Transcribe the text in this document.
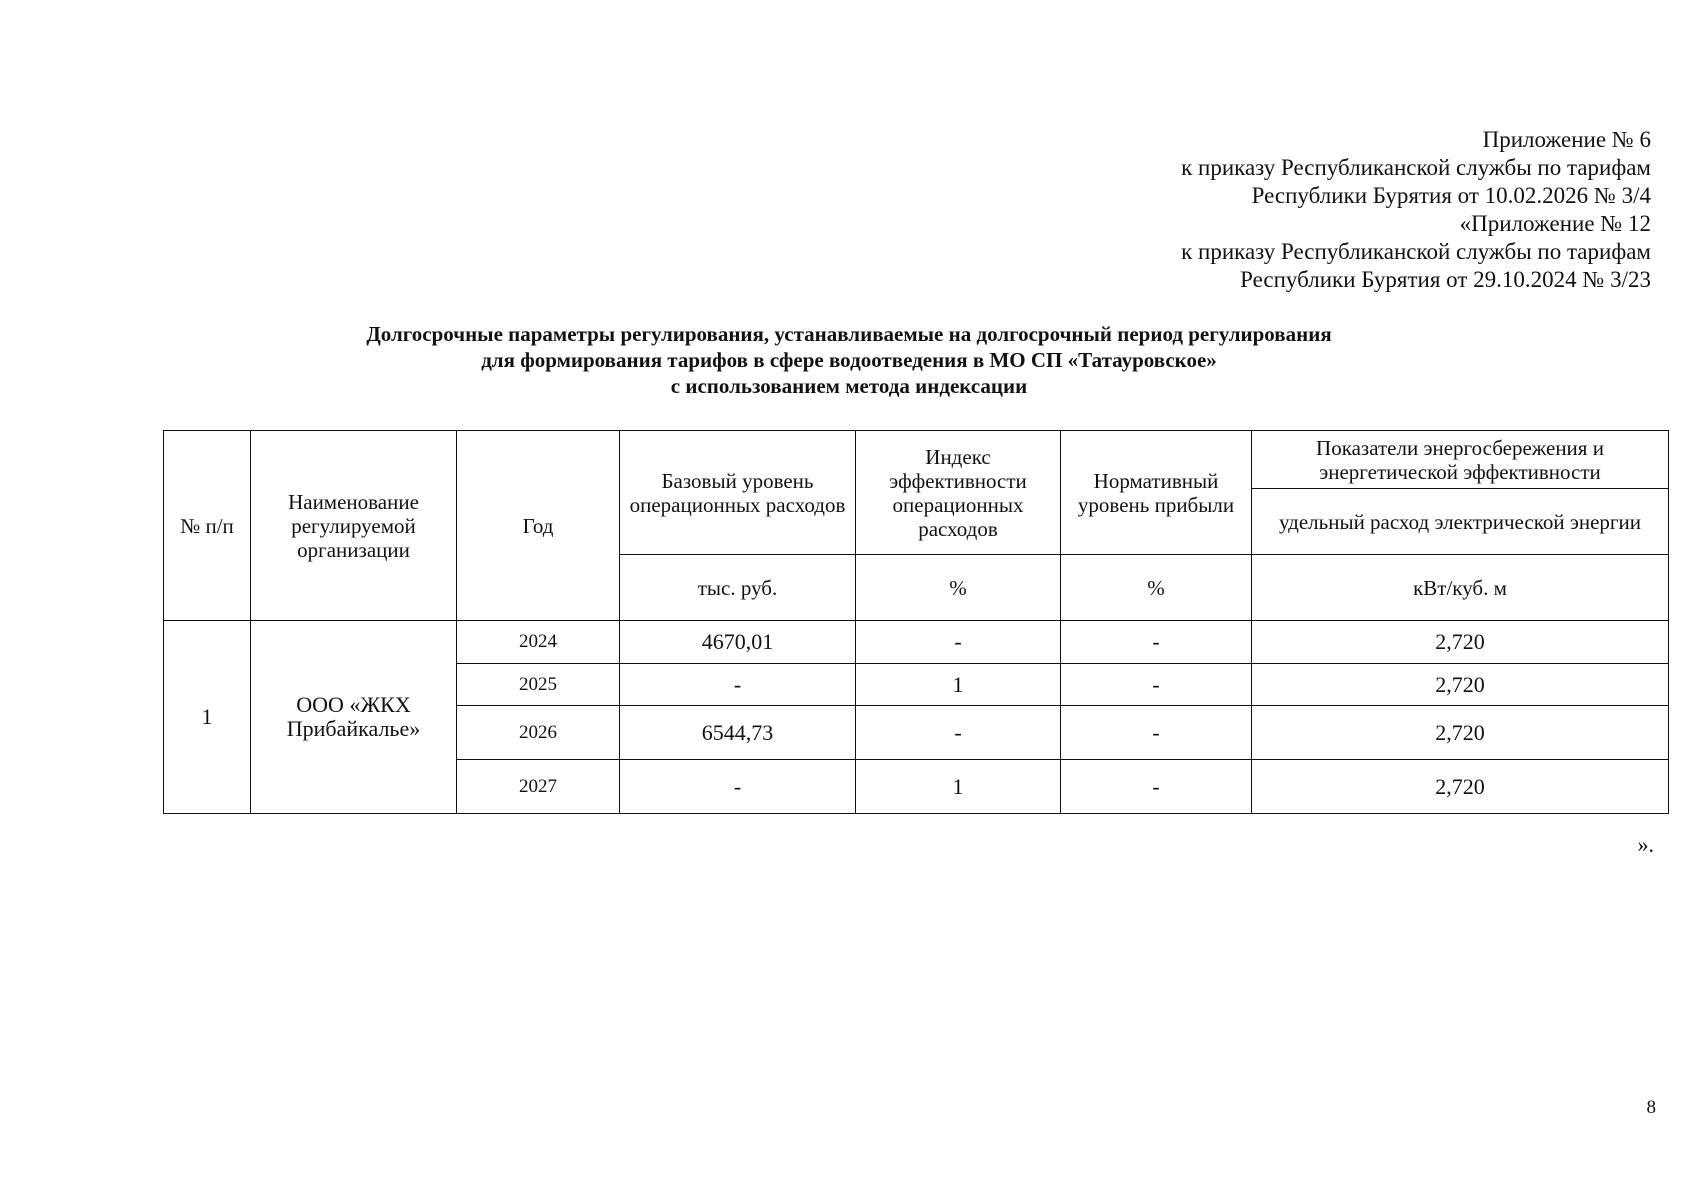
Приложение № 6
к приказу Республиканской службы по тарифам
Республики Бурятия от 10.02.2026 № 3/4
«Приложение № 12
к приказу Республиканской службы по тарифам
Республики Бурятия от 29.10.2024 № 3/23
Долгосрочные параметры регулирования, устанавливаемые на долгосрочный период регулирования
для формирования тарифов в сфере водоотведения в МО СП «Татауровское»
с использованием метода индексации
№ п/п	Наименование регулируемой организации	Год	Базовый уровень операционных расходов	Индекс эффективности операционных расходов	Нормативный уровень прибыли	Показатели энергосбережения и энергетической эффективности
						удельный расход электрической энергии
			тыс. руб.	%	%	кВт/куб. м
1	ООО «ЖКХ Прибайкалье»	2024	4670,01	-	-	2,720
		2025	-	1	-	2,720
		2026	6544,73	-	-	2,720
		2027	-	1	-	2,720
».
8
